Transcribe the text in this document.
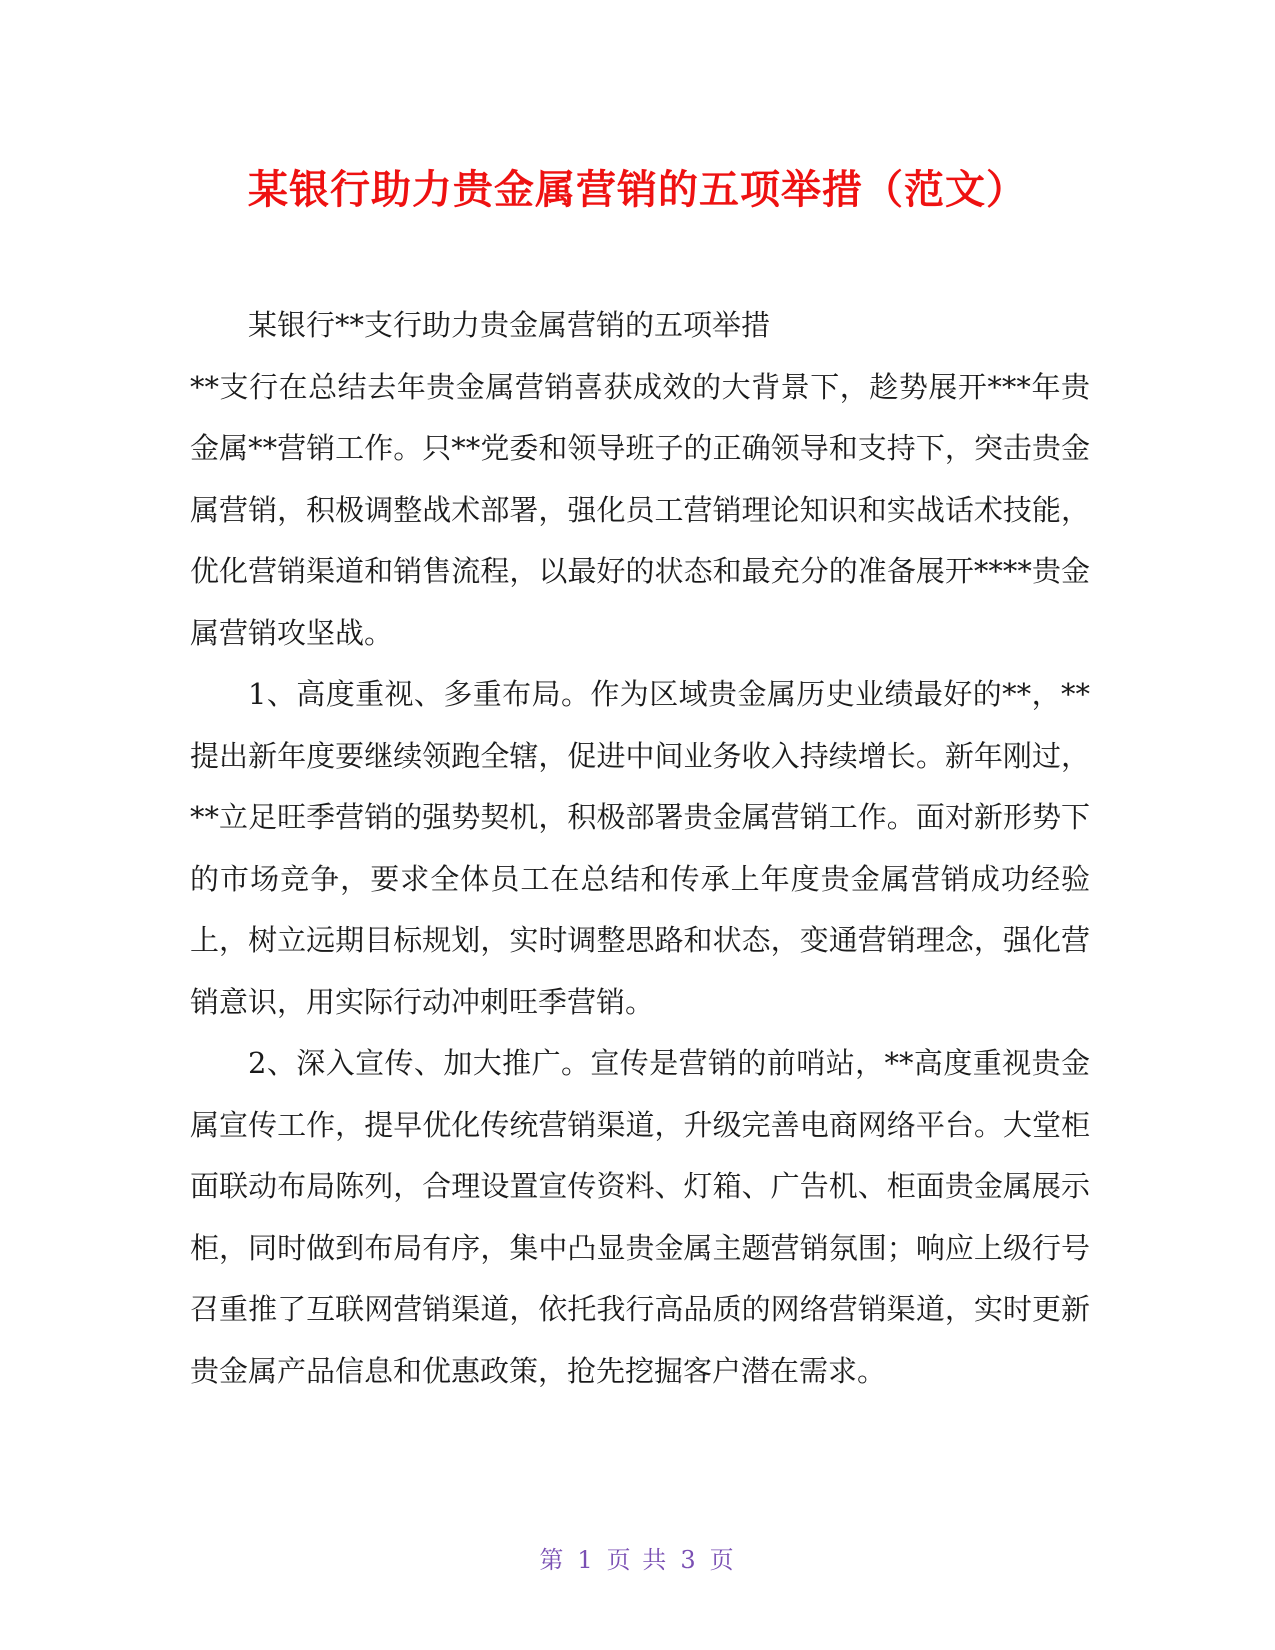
某银行助力贵金属营销的五项举措（范文）

某银行**支行助力贵金属营销的五项举措

**支行在总结去年贵金属营销喜获成效的大背景下，趁势展开***年贵金属**营销工作。只**党委和领导班子的正确领导和支持下，突击贵金属营销，积极调整战术部署，强化员工营销理论知识和实战话术技能，优化营销渠道和销售流程，以最好的状态和最充分的准备展开****贵金属营销攻坚战。

1、高度重视、多重布局。作为区域贵金属历史业绩最好的**，**提出新年度要继续领跑全辖，促进中间业务收入持续增长。新年刚过，**立足旺季营销的强势契机，积极部署贵金属营销工作。面对新形势下的市场竞争，要求全体员工在总结和传承上年度贵金属营销成功经验上，树立远期目标规划，实时调整思路和状态，变通营销理念，强化营销意识，用实际行动冲刺旺季营销。

2、深入宣传、加大推广。宣传是营销的前哨站，**高度重视贵金属宣传工作，提早优化传统营销渠道，升级完善电商网络平台。大堂柜面联动布局陈列，合理设置宣传资料、灯箱、广告机、柜面贵金属展示柜，同时做到布局有序，集中凸显贵金属主题营销氛围；响应上级行号召重推了互联网营销渠道，依托我行高品质的网络营销渠道，实时更新贵金属产品信息和优惠政策，抢先挖掘客户潜在需求。

第 1 页 共 3 页
